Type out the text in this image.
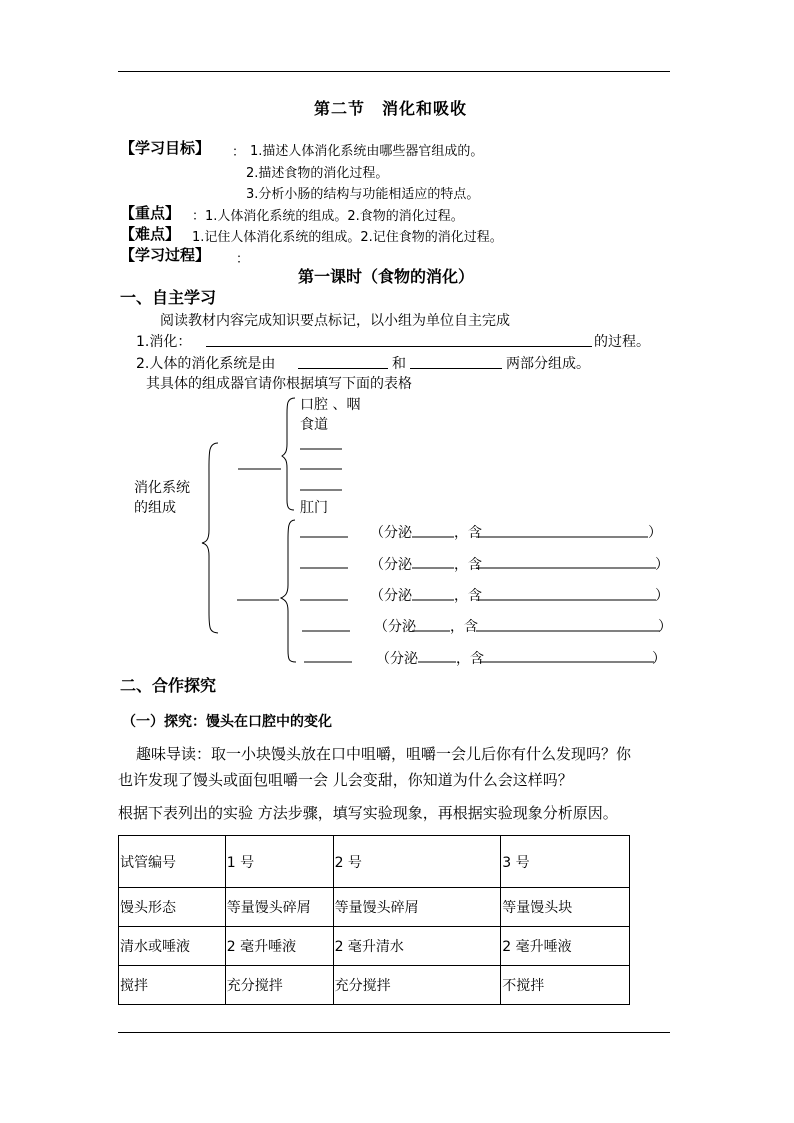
第二节　消化和吸收
【学习目标】 ： 1.描述人体消化系统由哪些器官组成的。
2.描述食物的消化过程。
3.分析小肠的结构与功能相适应的特点。
【重点】 ：1.人体消化系统的组成。2.食物的消化过程。
【难点】 1.记住人体消化系统的组成。2.记住食物的消化过程。
【学习过程】 ：
第一课时（食物的消化）
一、自主学习
阅读教材内容完成知识要点标记，以小组为单位自主完成
1.消化：	的过程。
2.人体的消化系统是由	和	两部分组成。
其具体的组成器官请你根据填写下面的表格
消化系统
的组成
口腔 、咽
食道
肛门
（分泌	，含	）
（分泌	，含	）
（分泌	，含	）
（分泌 ，含	）
（分泌	，含	）
二、合作探究
（一）探究：馒头在口腔中的变化
趣味导读：取一小块馒头放在口中咀嚼，咀嚼一会儿后你有什么发现吗？你
也许发现了馒头或面包咀嚼一会 儿会变甜，你知道为什么会这样吗？
根据下表列出的实验 方法步骤，填写实验现象，再根据实验现象分析原因。
试管编号	1 号	2 号	3 号
馒头形态	等量馒头碎屑	等量馒头碎屑	等量馒头块
清水或唾液	2 毫升唾液	2 毫升清水	2 毫升唾液
搅拌	充分搅拌	充分搅拌	不搅拌
